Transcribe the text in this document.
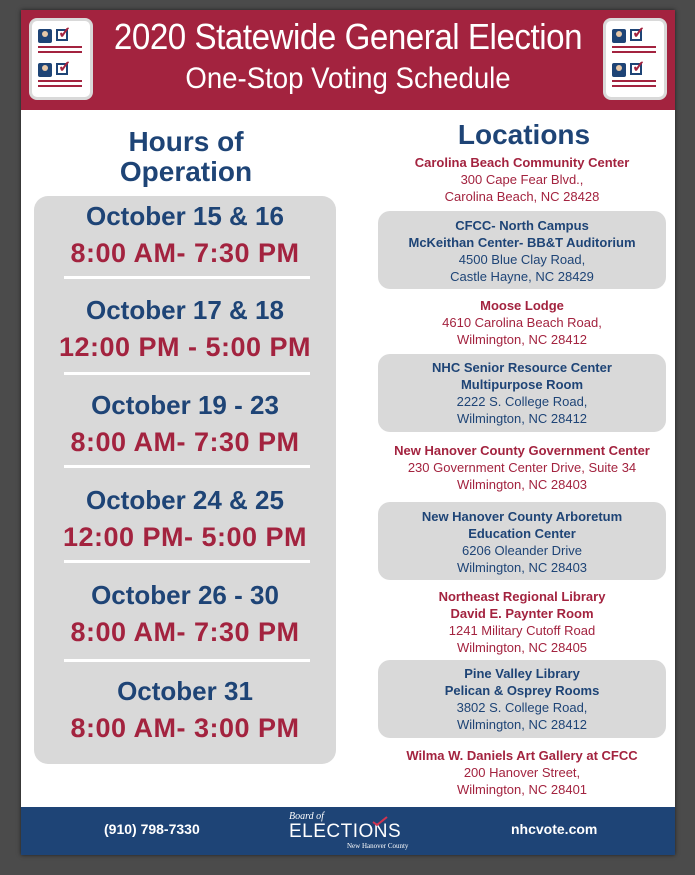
✓
✓
2020 Statewide General Election
One-Stop Voting Schedule
✓
✓
Hours of
Operation
October 15 & 16
8:00 AM- 7:30 PM
October 17 & 18
12:00 PM - 5:00 PM
October 19 - 23
8:00 AM- 7:30 PM
October 24 & 25
12:00 PM- 5:00 PM
October 26 - 30
8:00 AM- 7:30 PM
October 31
8:00 AM- 3:00 PM
Locations
Carolina Beach Community Center
300 Cape Fear Blvd.,
Carolina Beach, NC 28428
CFCC- North Campus
McKeithan Center- BB&T Auditorium
4500 Blue Clay Road,
Castle Hayne, NC 28429
Moose Lodge
4610 Carolina Beach Road,
Wilmington, NC 28412
NHC Senior Resource Center
Multipurpose Room
2222 S. College Road,
Wilmington, NC 28412
New Hanover County Government Center
230 Government Center Drive, Suite 34
Wilmington, NC 28403
New Hanover County Arboretum
Education Center
6206 Oleander Drive
Wilmington, NC 28403
Northeast Regional Library
David E. Paynter Room
1241 Military Cutoff Road
Wilmington, NC 28405
Pine Valley Library
Pelican & Osprey Rooms
3802 S. College Road,
Wilmington, NC 28412
Wilma W. Daniels Art Gallery at CFCC
200 Hanover Street,
Wilmington, NC 28401
(910) 798-7330
Board of
ELECTIONS
New Hanover County
nhcvote.com
